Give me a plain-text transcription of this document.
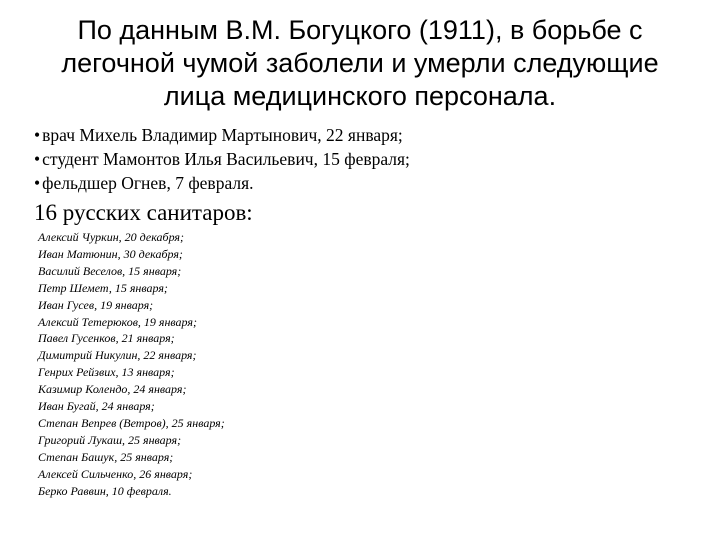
По данным В.М. Богуцкого (1911), в борьбе с
легочной чумой заболели и умерли следующие
лица медицинского персонала.
• врач Михель Владимир Мартынович, 22 января;
• студент Мамонтов Илья Васильевич, 15 февраля;
• фельдшер Огнев, 7 февраля.
16 русских санитаров:
Алексий Чуркин, 20 декабря;
Иван Матюнин, 30 декабря;
Василий Веселов, 15 января;
Петр Шемет, 15 января;
Иван Гусев, 19 января;
Алексий Тетерюков, 19 января;
Павел Гусенков, 21 января;
Димитрий Никулин, 22 января;
Генрих Рейзвих, 13 января;
Казимир Колендо, 24 января;
Иван Бугай, 24 января;
Степан Вепрев (Ветров), 25 января;
Григорий Лукаш, 25 января;
Степан Башук, 25 января;
Алексей Сильченко, 26 января;
Берко Раввин, 10 февраля.
